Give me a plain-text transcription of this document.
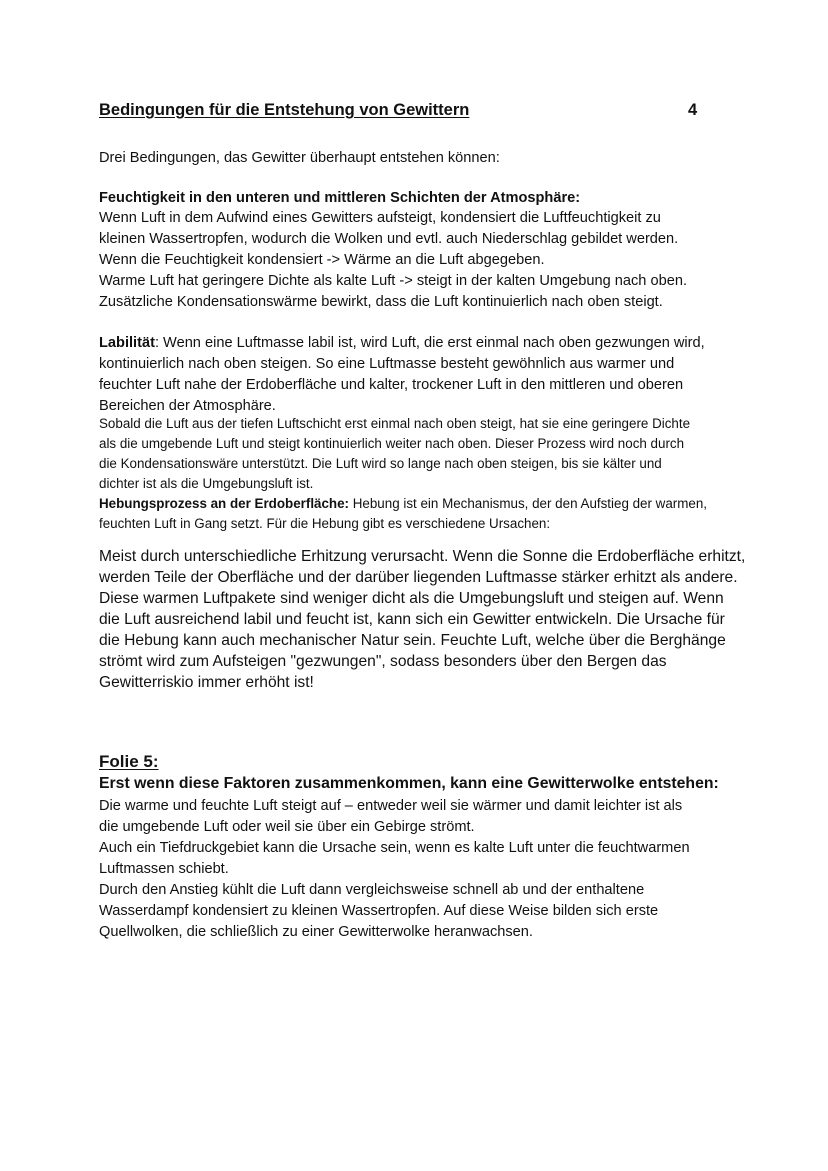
Bedingungen für die Entstehung von Gewittern	4

Drei Bedingungen, das Gewitter überhaupt entstehen können:

Feuchtigkeit in den unteren und mittleren Schichten der Atmosphäre:

Wenn Luft in dem Aufwind eines Gewitters aufsteigt, kondensiert die Luftfeuchtigkeit zu

kleinen Wassertropfen, wodurch die Wolken und evtl. auch Niederschlag gebildet werden.

Wenn die Feuchtigkeit kondensiert -> Wärme an die Luft abgegeben.

Warme Luft hat geringere Dichte als kalte Luft -> steigt in der kalten Umgebung nach oben.

Zusätzliche Kondensationswärme bewirkt, dass die Luft kontinuierlich nach oben steigt.

Labilität: Wenn eine Luftmasse labil ist, wird Luft, die erst einmal nach oben gezwungen wird,

kontinuierlich nach oben steigen. So eine Luftmasse besteht gewöhnlich aus warmer und

feuchter Luft nahe der Erdoberfläche und kalter, trockener Luft in den mittleren und oberen

Bereichen der Atmosphäre.

Sobald die Luft aus der tiefen Luftschicht erst einmal nach oben steigt, hat sie eine geringere Dichte

als die umgebende Luft und steigt kontinuierlich weiter nach oben. Dieser Prozess wird noch durch

die Kondensationswäre unterstützt. Die Luft wird so lange nach oben steigen, bis sie kälter und

dichter ist als die Umgebungsluft ist.

Hebungsprozess an der Erdoberfläche: Hebung ist ein Mechanismus, der den Aufstieg der warmen,

feuchten Luft in Gang setzt. Für die Hebung gibt es verschiedene Ursachen:

Meist durch unterschiedliche Erhitzung verursacht. Wenn die Sonne die Erdoberfläche erhitzt,

werden Teile der Oberfläche und der darüber liegenden Luftmasse stärker erhitzt als andere.

Diese warmen Luftpakete sind weniger dicht als die Umgebungsluft und steigen auf. Wenn

die Luft ausreichend labil und feucht ist, kann sich ein Gewitter entwickeln. Die Ursache für

die Hebung kann auch mechanischer Natur sein. Feuchte Luft, welche über die Berghänge

strömt wird zum Aufsteigen "gezwungen", sodass besonders über den Bergen das

Gewitterriskio immer erhöht ist!

Folie 5:

Erst wenn diese Faktoren zusammenkommen, kann eine Gewitterwolke entstehen:

Die warme und feuchte Luft steigt auf – entweder weil sie wärmer und damit leichter ist als

die umgebende Luft oder weil sie über ein Gebirge strömt.

Auch ein Tiefdruckgebiet kann die Ursache sein, wenn es kalte Luft unter die feuchtwarmen

Luftmassen schiebt.

Durch den Anstieg kühlt die Luft dann vergleichsweise schnell ab und der enthaltene

Wasserdampf kondensiert zu kleinen Wassertropfen. Auf diese Weise bilden sich erste

Quellwolken, die schließlich zu einer Gewitterwolke heranwachsen.
